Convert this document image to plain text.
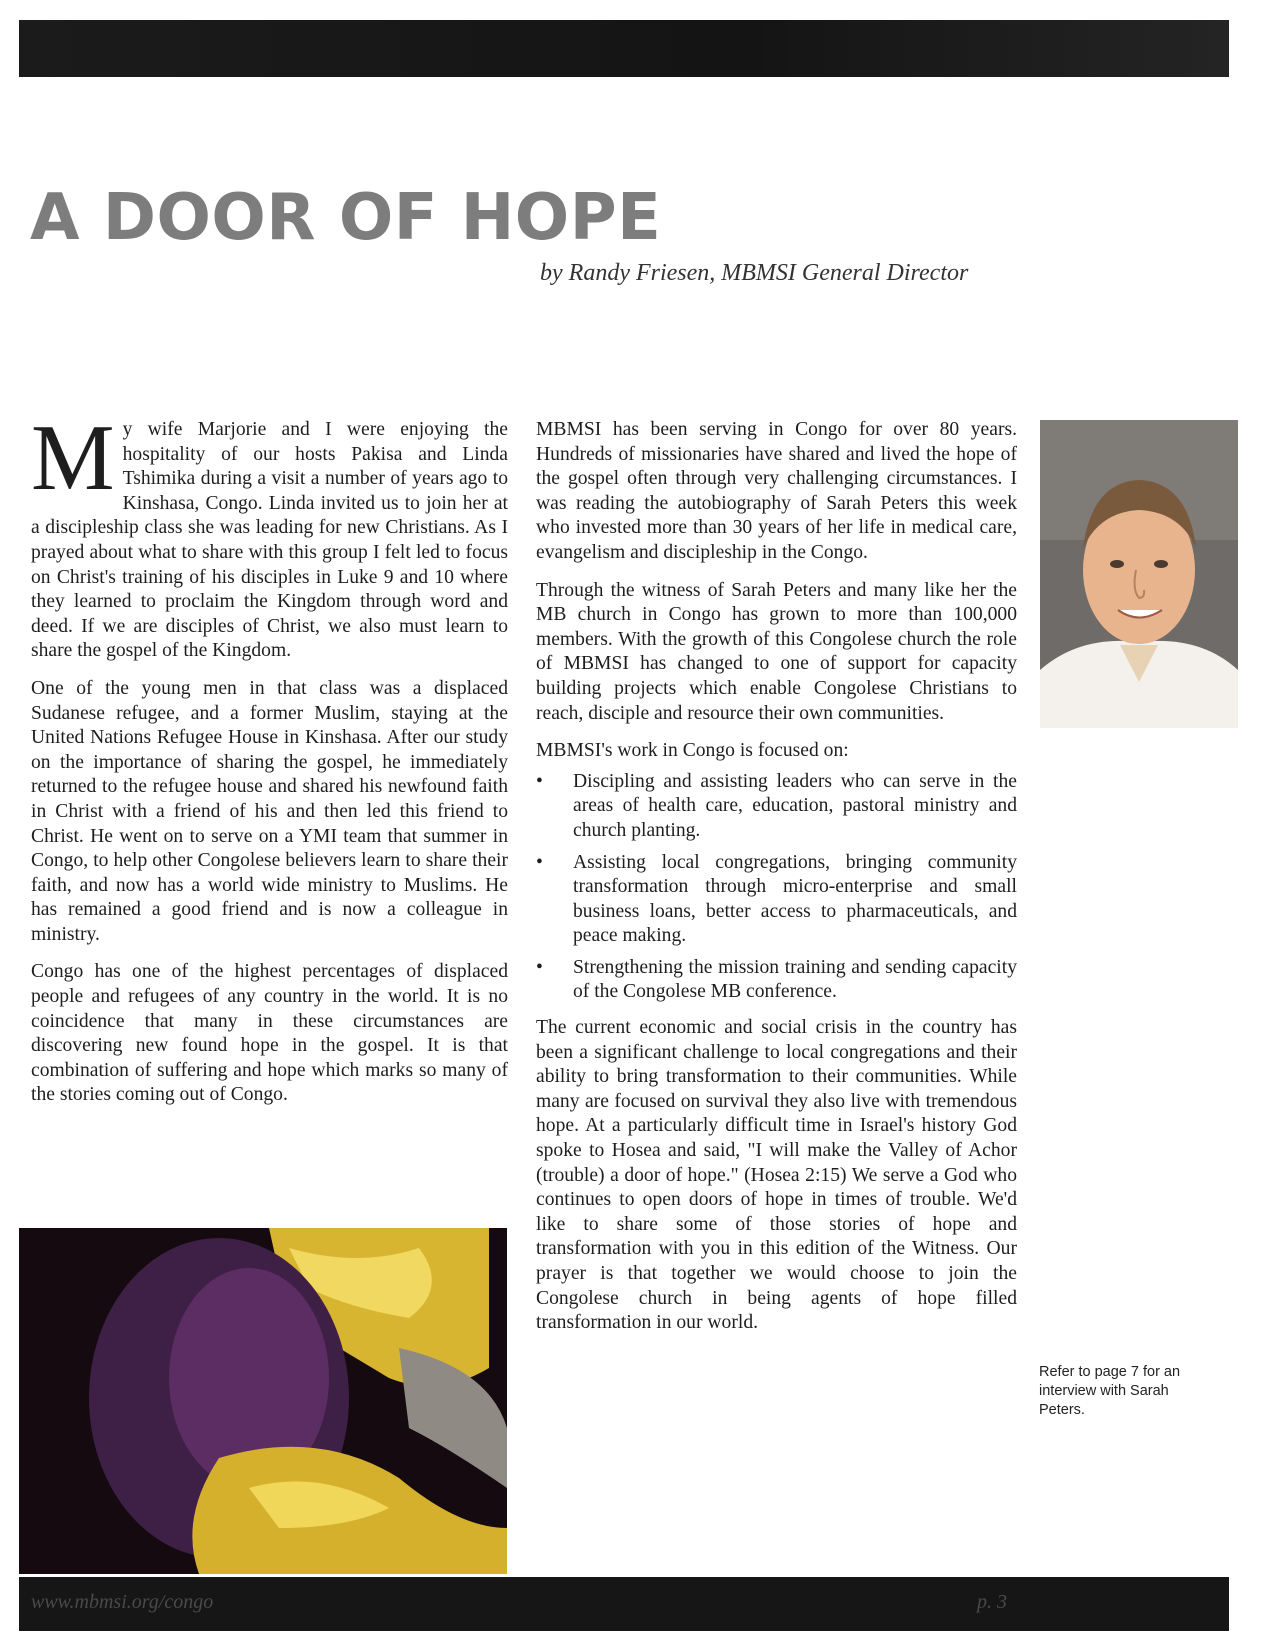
A DOOR OF HOPE

by Randy Friesen, MBMSI General Director

My wife Marjorie and I were enjoying the hospitality of our hosts Pakisa and Linda Tshimika during a visit a number of years ago to Kinshasa, Congo. Linda invited us to join her at a discipleship class she was leading for new Christians. As I prayed about what to share with this group I felt led to focus on Christ's training of his disciples in Luke 9 and 10 where they learned to proclaim the Kingdom through word and deed. If we are disciples of Christ, we also must learn to share the gospel of the Kingdom.

One of the young men in that class was a displaced Sudanese refugee, and a former Muslim, staying at the United Nations Refugee House in Kinshasa. After our study on the importance of sharing the gospel, he immediately returned to the refugee house and shared his newfound faith in Christ with a friend of his and then led this friend to Christ. He went on to serve on a YMI team that summer in Congo, to help other Congolese believers learn to share their faith, and now has a world wide ministry to Muslims. He has remained a good friend and is now a colleague in ministry.

Congo has one of the highest percentages of displaced people and refugees of any country in the world. It is no coincidence that many in these circumstances are discovering new found hope in the gospel. It is that combination of suffering and hope which marks so many of the stories coming out of Congo.

MBMSI has been serving in Congo for over 80 years. Hundreds of missionaries have shared and lived the hope of the gospel often through very challenging circumstances. I was reading the autobiography of Sarah Peters this week who invested more than 30 years of her life in medical care, evangelism and discipleship in the Congo.

Through the witness of Sarah Peters and many like her the MB church in Congo has grown to more than 100,000 members. With the growth of this Congolese church the role of MBMSI has changed to one of support for capacity building projects which enable Congolese Christians to reach, disciple and resource their own communities.

MBMSI's work in Congo is focused on:

• Discipling and assisting leaders who can serve in the areas of health care, education, pastoral ministry and church planting.
• Assisting local congregations, bringing community transformation through micro-enterprise and small business loans, better access to pharmaceuticals, and peace making.
• Strengthening the mission training and sending capacity of the Congolese MB conference.

The current economic and social crisis in the country has been a significant challenge to local congregations and their ability to bring transformation to their communities. While many are focused on survival they also live with tremendous hope. At a particularly difficult time in Israel's history God spoke to Hosea and said, "I will make the Valley of Achor (trouble) a door of hope." (Hosea 2:15) We serve a God who continues to open doors of hope in times of trouble. We'd like to share some of those stories of hope and transformation with you in this edition of the Witness. Our prayer is that together we would choose to join the Congolese church in being agents of hope filled transformation in our world.

Refer to page 7 for an interview with Sarah Peters.
www.mbmsi.org/congo	p. 3
